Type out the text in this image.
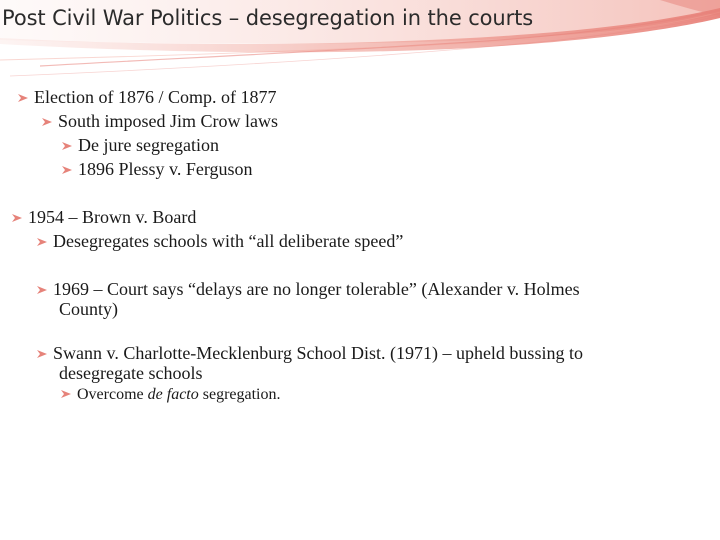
Post Civil War Politics – desegregation in the courts
Election of 1876 / Comp. of 1877
South imposed Jim Crow laws
De jure segregation
1896 Plessy v. Ferguson
1954 – Brown v. Board
Desegregates schools with “all deliberate speed”
1969 – Court says “delays are no longer tolerable” (Alexander v. Holmes
County)
Swann v. Charlotte-Mecklenburg School Dist. (1971) – upheld bussing to
desegregate schools
Overcome de facto segregation.
